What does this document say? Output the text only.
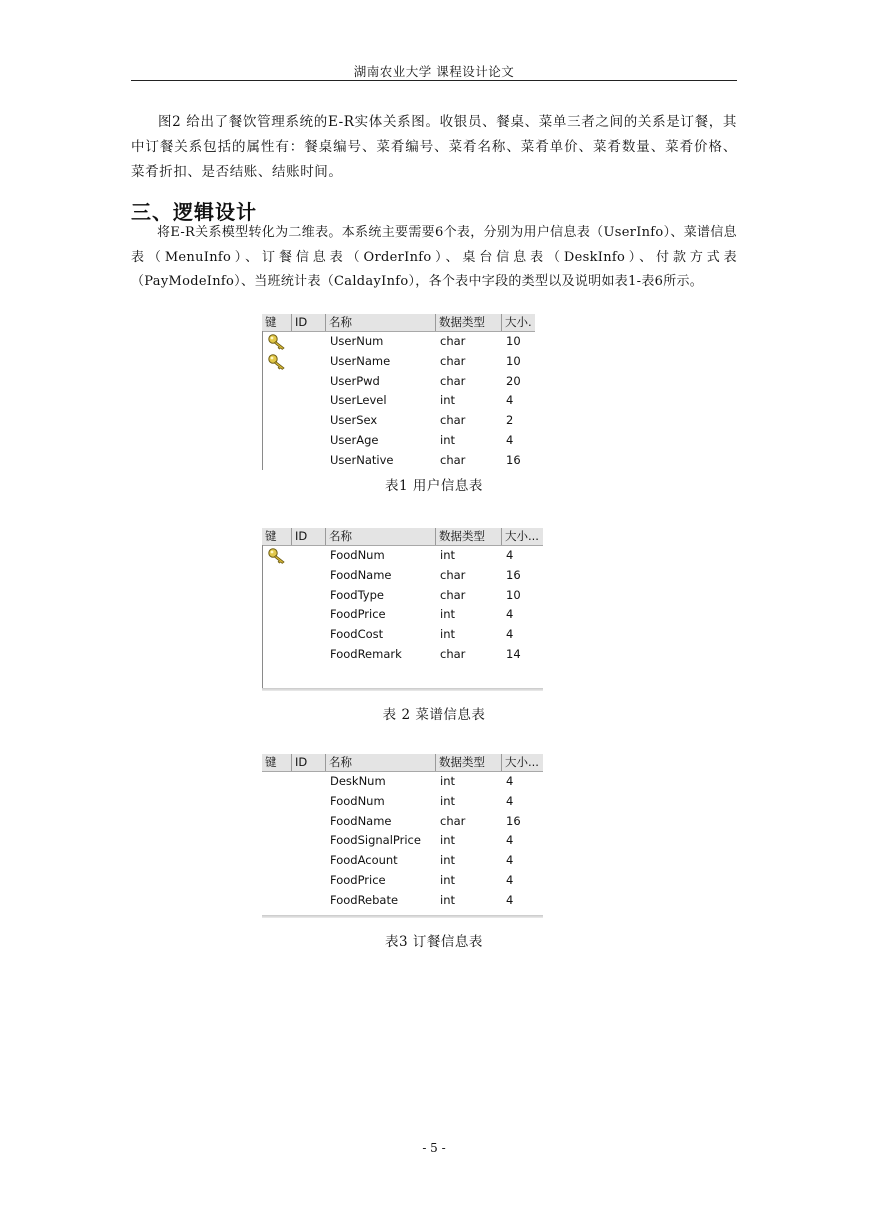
湖南农业大学 课程设计论文

图2 给出了餐饮管理系统的E-R实体关系图。收银员、餐桌、菜单三者之间的关系是订餐，其中订餐关系包括的属性有：餐桌编号、菜肴编号、菜肴名称、菜肴单价、菜肴数量、菜肴价格、菜肴折扣、是否结账、结账时间。

三、逻辑设计

将E-R关系模型转化为二维表。本系统主要需要6个表，分别为用户信息表（UserInfo）、菜谱信息表（MenuInfo）、订餐信息表（OrderInfo）、桌台信息表（DeskInfo）、付款方式表（PayModeInfo）、当班统计表（CaldayInfo），各个表中字段的类型以及说明如表1-表6所示。

键	ID	名称	数据类型	大小.
UserNum	char	10
UserName	char	10
UserPwd	char	20
UserLevel	int	4
UserSex	char	2
UserAge	int	4
UserNative	char	16
表1 用户信息表
键	ID	名称	数据类型	大小...
FoodNum	int	4
FoodName	char	16
FoodType	char	10
FoodPrice	int	4
FoodCost	int	4
FoodRemark	char	14
表 2 菜谱信息表
键	ID	名称	数据类型	大小...
DeskNum	int	4
FoodNum	int	4
FoodName	char	16
FoodSignalPrice	int	4
FoodAcount	int	4
FoodPrice	int	4
FoodRebate	int	4
表3 订餐信息表
- 5 -
